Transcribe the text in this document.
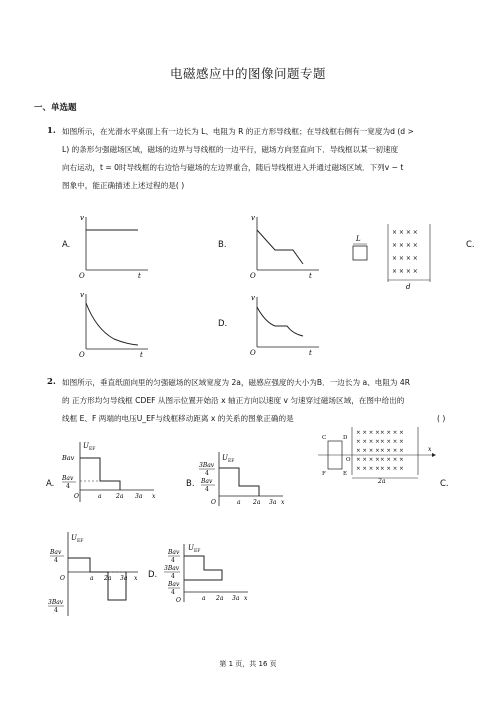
电磁感应中的图像问题专题
一、单选题
1. 如图所示，在光滑水平桌面上有一边长为 L、电阻为 R 的正方形导线框；在导线框右侧有一宽度为d (d >
L) 的条形匀强磁场区域，磁场的边界与导线框的一边平行，磁场方向竖直向下．导线框以某一初速度
向右运动，t = 0时导线框的右边恰与磁场的左边界重合，随后导线框进入并通过磁场区域．下列v − t
图象中，能正确描述上述过程的是( )
A.	B.	C.
D.
v
O	t
v
O	t
L
× × × ×
× × × ×
× × × ×
× × × ×
d
v
O	t
v
O	t
2. 如图所示，垂直纸面向里的匀强磁场的区域宽度为 2a，磁感应强度的大小为B．一边长为 a、电阻为 4R
的 正方形均匀导线框 CDEF 从图示位置开始沿 x 轴正方向以速度 v 匀速穿过磁场区域，在图中给出的
线框 E、F 两端的电压U_EF与线框移动距离 x 的关系的图象正确的是	( )
x
C	D
F	E
O
× × × × × × × ×
× × × × × × × ×
× × × × × × × ×
× × × × × × × ×
× × × × × × × ×
2a
A.	B.	C.
D.
U EF
Bav
Bav
4
O	a 2a 3a x
U EF
3Bav
4
Bav
4
O	a 2a 3a x
U EF
Bav
4
O	a 2a 3a x
3Bav
4
U EF
Bav
4
3Bav
4
Bav
4
O	a 2a 3a x
第 1 页，共 16 页
